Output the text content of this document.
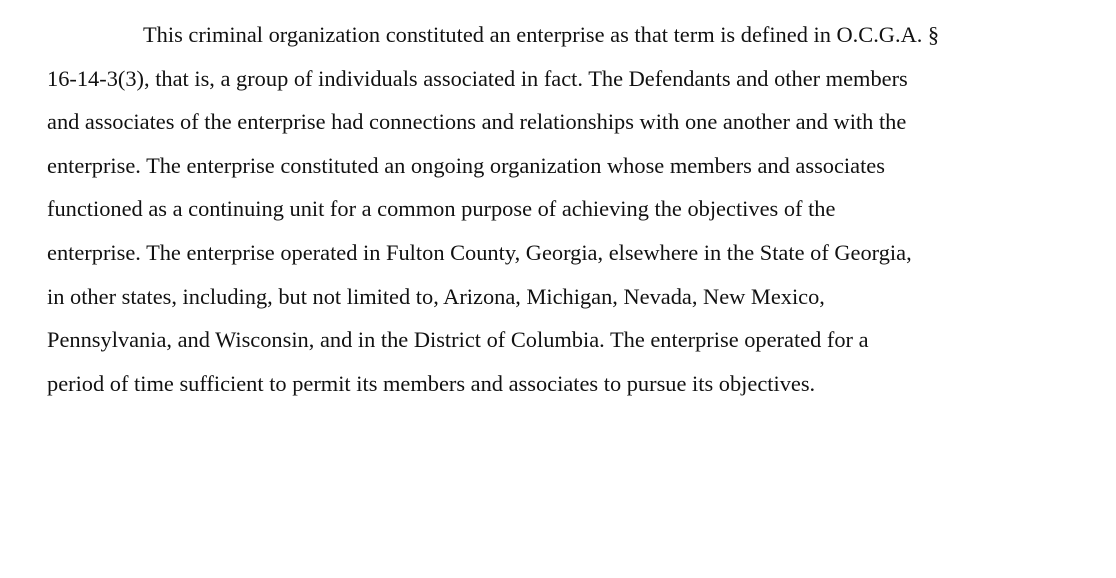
This criminal organization constituted an enterprise as that term is defined in O.C.G.A. §
16-14-3(3), that is, a group of individuals associated in fact. The Defendants and other members
and associates of the enterprise had connections and relationships with one another and with the
enterprise. The enterprise constituted an ongoing organization whose members and associates
functioned as a continuing unit for a common purpose of achieving the objectives of the
enterprise. The enterprise operated in Fulton County, Georgia, elsewhere in the State of Georgia,
in other states, including, but not limited to, Arizona, Michigan, Nevada, New Mexico,
Pennsylvania, and Wisconsin, and in the District of Columbia. The enterprise operated for a
period of time sufficient to permit its members and associates to pursue its objectives.
